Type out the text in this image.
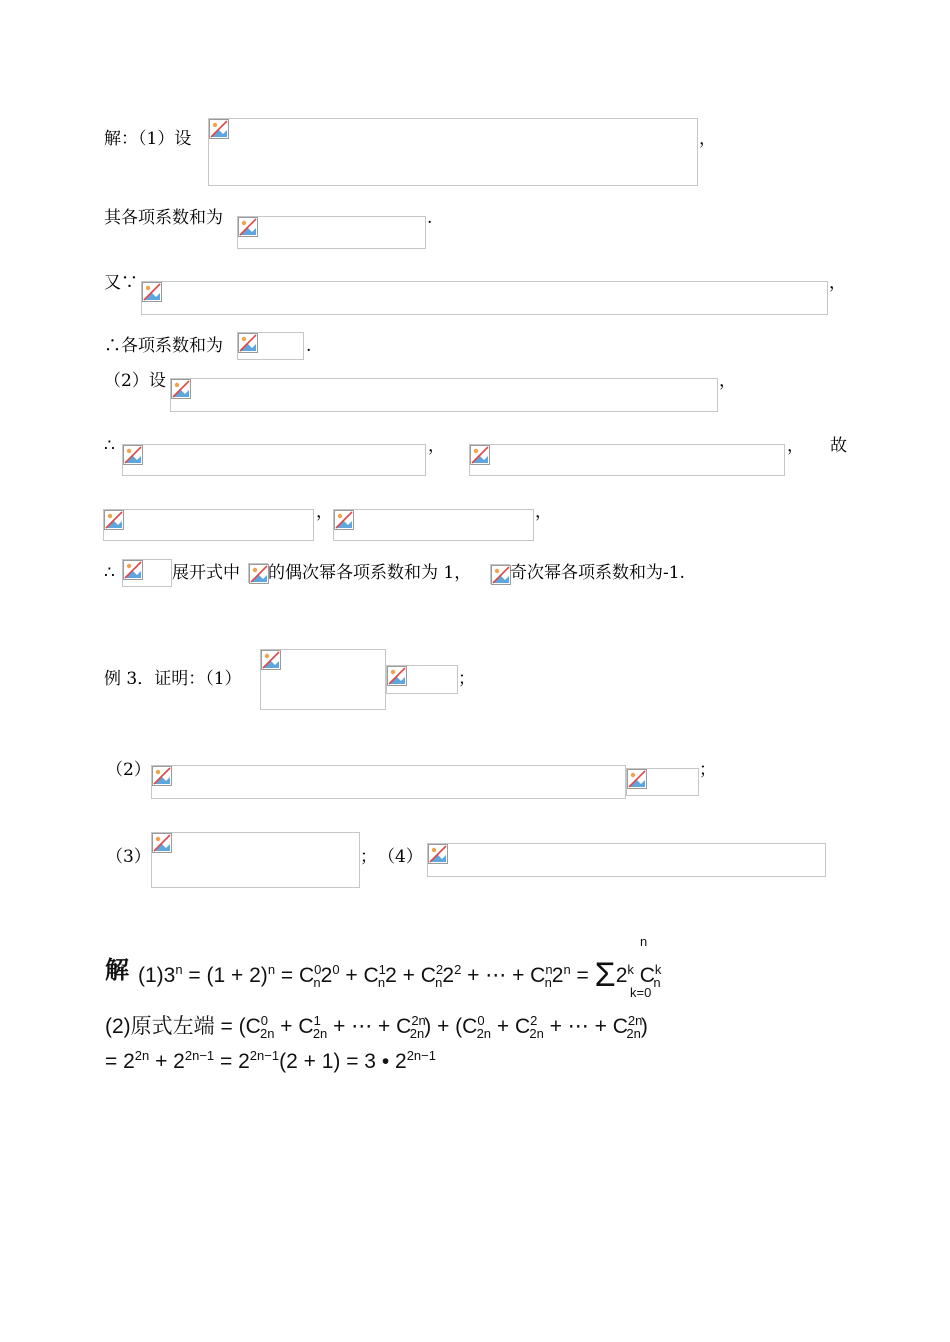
解：（1）设	，
其各项系数和为	.
又∵	，
∴各项系数和为	.
（2）设	，
∴	，	， 故
，	，
∴	展开式中 的偶次幂各项系数和为 1， 奇次幂各项系数和为-1.
例 3．证明：（1）	；
（2）	；
（3）	； （4）
解 $(1)3^n = (1 + 2)^n = C^0_n2^0 + C^1_n2 + C^2_n2^2$ + ⋯ + $C^n_n2^n = \Sigma 2^k$ $C^k_n$
n
k=0
(2)原式左端 = ($C^0_{2n} + C^1_{2n}$ + ⋯ + $C^{2n}_{2n}) + (C^0_{2n} + C^2_{2n}$ + ⋯ + $C^{2n}_{2n}$)
= $2^{2n} + 2^{2n-1} = 2^{2n-1}(2 + 1) = 3$ • $2^{2n-1}$
